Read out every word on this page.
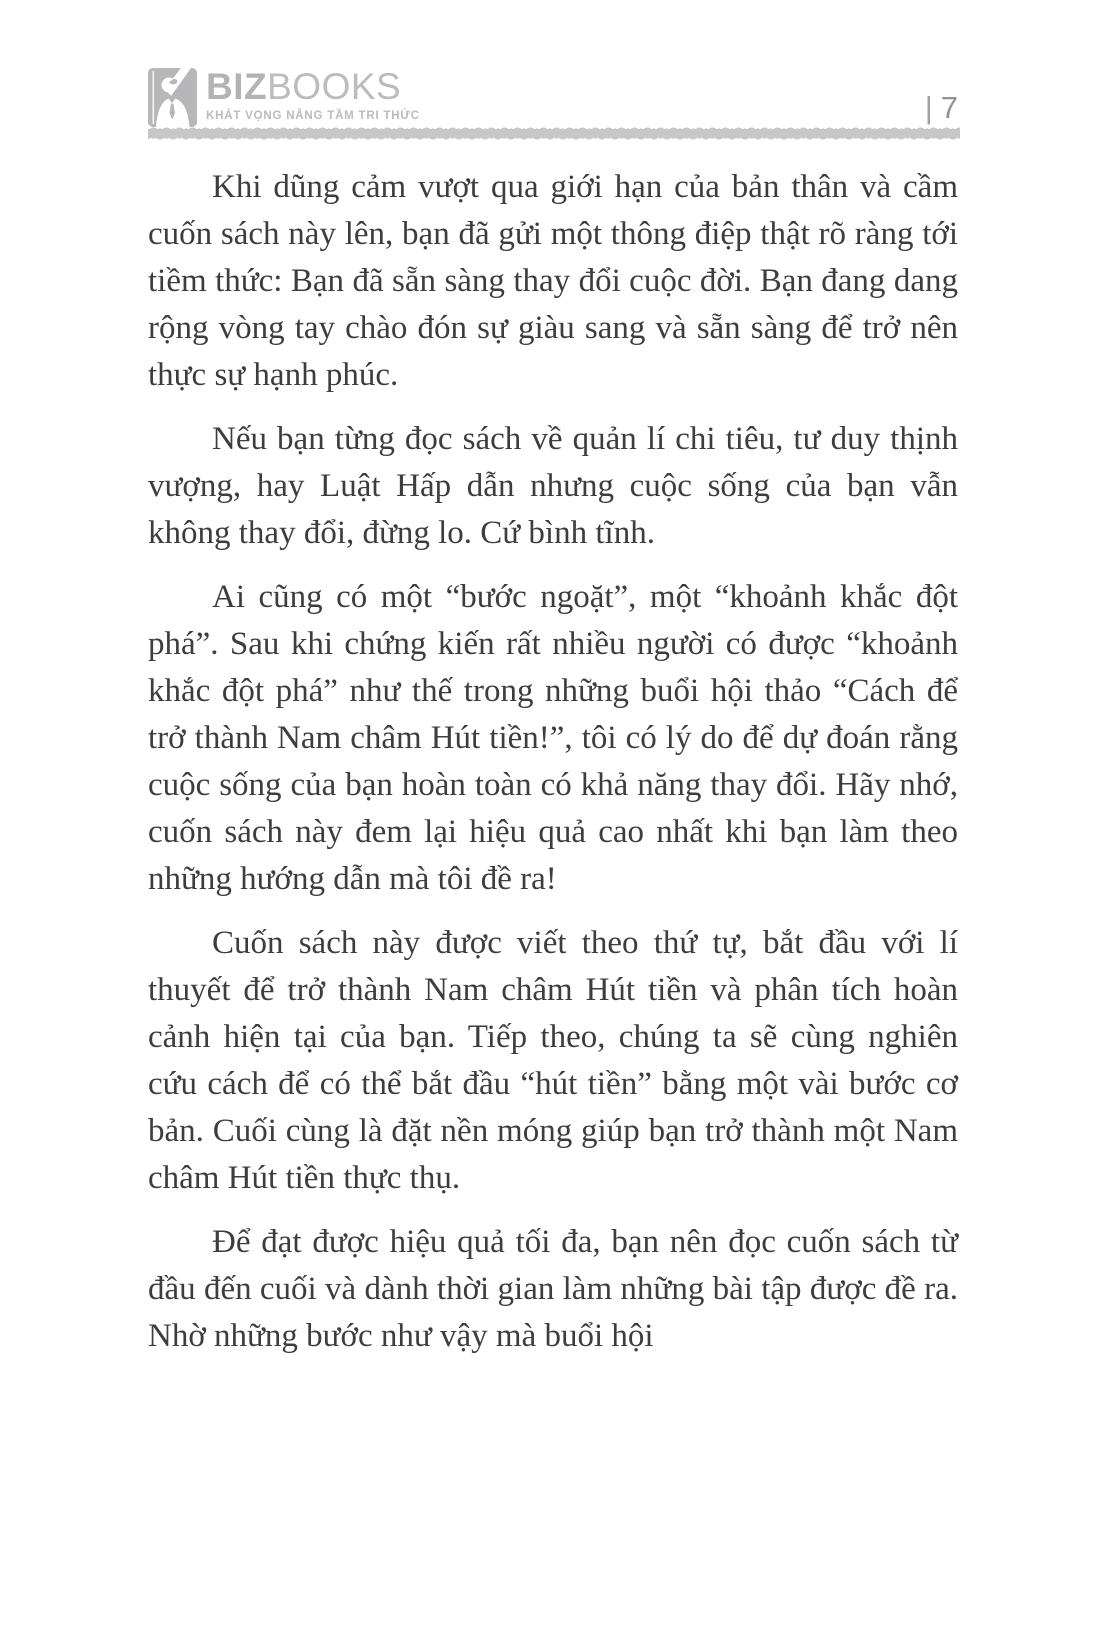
BIZBOOKS
KHÁT VỌNG NÂNG TẦM TRI THỨC	| 7

Khi dũng cảm vượt qua giới hạn của bản thân và cầm cuốn sách này lên, bạn đã gửi một thông điệp thật rõ ràng tới tiềm thức: Bạn đã sẵn sàng thay đổi cuộc đời. Bạn đang dang rộng vòng tay chào đón sự giàu sang và sẵn sàng để trở nên thực sự hạnh phúc.

Nếu bạn từng đọc sách về quản lí chi tiêu, tư duy thịnh vượng, hay Luật Hấp dẫn nhưng cuộc sống của bạn vẫn không thay đổi, đừng lo. Cứ bình tĩnh.

Ai cũng có một “bước ngoặt”, một “khoảnh khắc đột phá”. Sau khi chứng kiến rất nhiều người có được “khoảnh khắc đột phá” như thế trong những buổi hội thảo “Cách để trở thành Nam châm Hút tiền!”, tôi có lý do để dự đoán rằng cuộc sống của bạn hoàn toàn có khả năng thay đổi. Hãy nhớ, cuốn sách này đem lại hiệu quả cao nhất khi bạn làm theo những hướng dẫn mà tôi đề ra!

Cuốn sách này được viết theo thứ tự, bắt đầu với lí thuyết để trở thành Nam châm Hút tiền và phân tích hoàn cảnh hiện tại của bạn. Tiếp theo, chúng ta sẽ cùng nghiên cứu cách để có thể bắt đầu “hút tiền” bằng một vài bước cơ bản. Cuối cùng là đặt nền móng giúp bạn trở thành một Nam châm Hút tiền thực thụ.

Để đạt được hiệu quả tối đa, bạn nên đọc cuốn sách từ đầu đến cuối và dành thời gian làm những bài tập được đề ra. Nhờ những bước như vậy mà buổi hội
